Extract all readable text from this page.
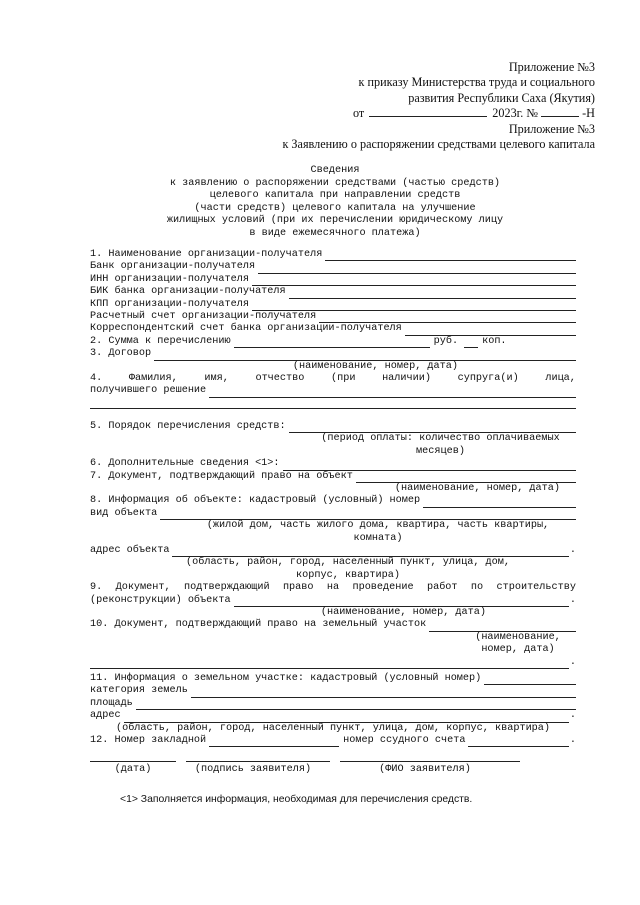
Приложение №3
к приказу Министерства труда и социального
развития Республики Саха (Якутия)
от	2023г. №	-Н
Приложение №3
к Заявлению о распоряжении средствами целевого капитала
Сведения
к заявлению о распоряжении средствами (частью средств)
целевого капитала при направлении средств
(части средств) целевого капитала на улучшение
жилищных условий (при их перечислении юридическому лицу
в виде ежемесячного платежа)
1. Наименование организации-получателя
Банк организации-получателя
ИНН организации-получателя
БИК банка организации-получателя
КПП организации-получателя
Расчетный счет организации-получателя
Корреспондентский счет банка организации-получателя
2. Сумма к перечислению	руб. коп.
3. Договор
(наименование, номер, дата)
4.	Фамилия,	имя,	отчество	(при	наличии)	супруга(и)	лица,
получившего решение
5. Порядок перечисления средств:
(период оплаты: количество оплачиваемых месяцев)
6. Дополнительные сведения <1>:
7. Документ, подтверждающий право на объект
(наименование, номер, дата)
8. Информация об объекте: кадастровый (условный) номер
вид объекта
(жилой дом, часть жилого дома, квартира, часть квартиры, комната)
адрес объекта	.
(область, район, город, населенный пункт, улица, дом, корпус, квартира)
9. Документ, подтверждающий право на проведение работ по строительству
(реконструкции) объекта	.
(наименование, номер, дата)
10. Документ, подтверждающий право на земельный участок
(наименование, номер, дата)
.
11. Информация о земельном участке: кадастровый (условный номер)
категория земель
площадь
адрес	.
(область, район, город, населенный пункт, улица, дом, корпус, квартира)
12. Номер закладной	номер ссудного счета	.
(дата)	(подпись заявителя)	(ФИО заявителя)
<1> Заполняется информация, необходимая для перечисления средств.
